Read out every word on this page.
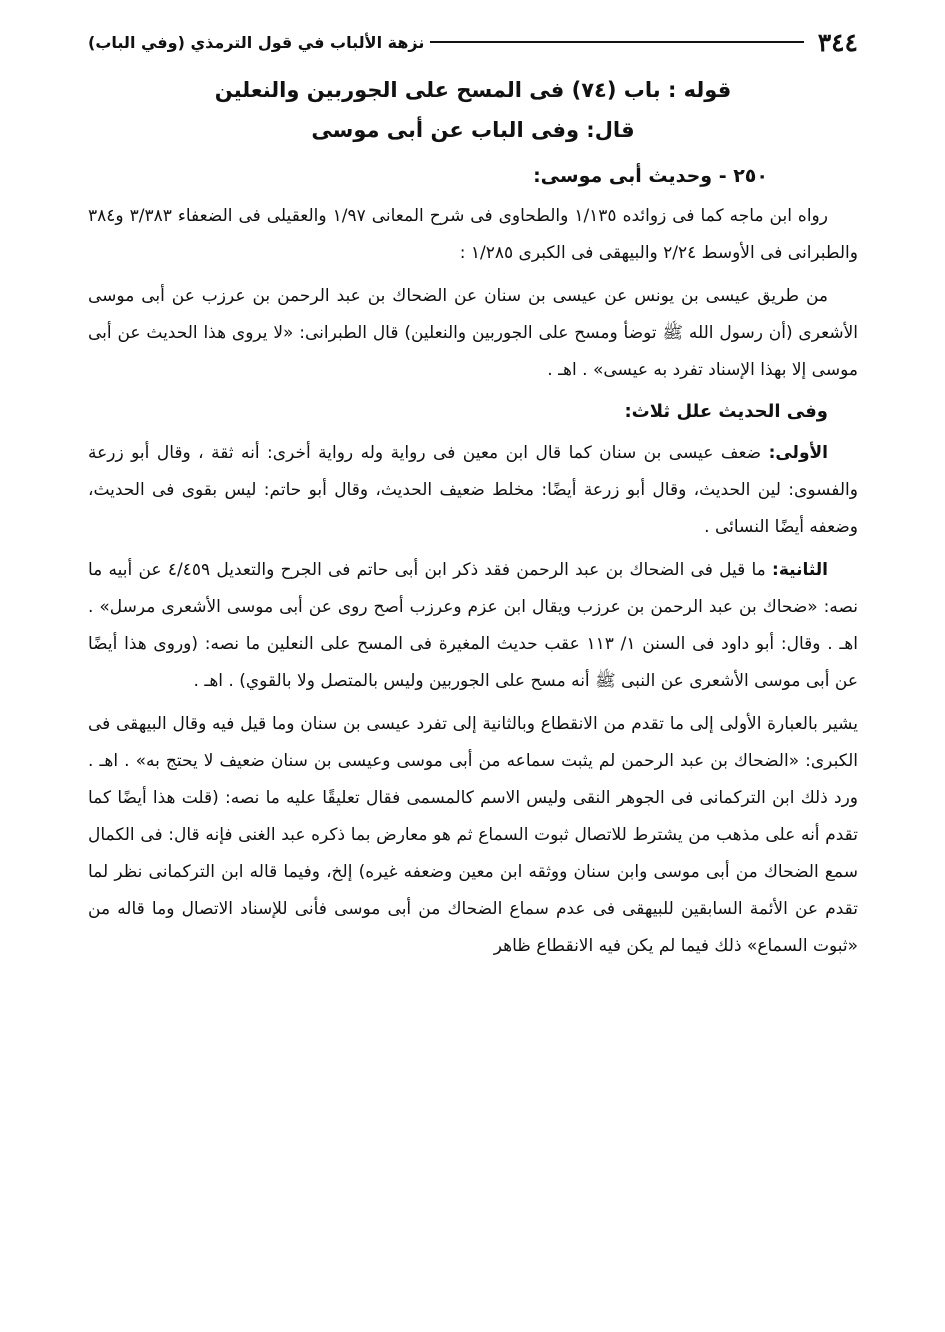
٣٤٤
نزهة الألباب في قول الترمذي (وفي الباب)
قوله : باب (٧٤) فى المسح على الجوربين والنعلين
قال: وفى الباب عن أبى موسى
٢٥٠ - وحديث أبى موسى:

رواه ابن ماجه كما فى زوائده ١/١٣٥ والطحاوى فى شرح المعانى ١/٩٧ والعقيلى فى الضعفاء ٣/٣٨٣ و٣٨٤ والطبرانى فى الأوسط ٢/٢٤ والبيهقى فى الكبرى ١/٢٨٥ :

من طريق عيسى بن يونس عن عيسى بن سنان عن الضحاك بن عبد الرحمن بن عرزب عن أبى موسى الأشعرى (أن رسول الله ﷺ توضأ ومسح على الجوربين والنعلين) قال الطبرانى: «لا يروى هذا الحديث عن أبى موسى إلا بهذا الإسناد تفرد به عيسى» . اهـ .

وفى الحديث علل ثلاث:

الأولى: ضعف عيسى بن سنان كما قال ابن معين فى رواية وله رواية أخرى: أنه ثقة ، وقال أبو زرعة والفسوى: لين الحديث، وقال أبو زرعة أيضًا: مخلط ضعيف الحديث، وقال أبو حاتم: ليس بقوى فى الحديث، وضعفه أيضًا النسائى .

الثانية: ما قيل فى الضحاك بن عبد الرحمن فقد ذكر ابن أبى حاتم فى الجرح والتعديل ٤/٤٥٩ عن أبيه ما نصه: «ضحاك بن عبد الرحمن بن عرزب ويقال ابن عزم وعرزب أصح روى عن أبى موسى الأشعرى مرسل» . اهـ . وقال: أبو داود فى السنن ١/ ١١٣ عقب حديث المغيرة فى المسح على النعلين ما نصه: (وروى هذا أيضًا عن أبى موسى الأشعرى عن النبى ﷺ أنه مسح على الجوربين وليس بالمتصل ولا بالقوي) . اهـ .

يشير بالعبارة الأولى إلى ما تقدم من الانقطاع وبالثانية إلى تفرد عيسى بن سنان وما قيل فيه وقال البيهقى فى الكبرى: «الضحاك بن عبد الرحمن لم يثبت سماعه من أبى موسى وعيسى بن سنان ضعيف لا يحتج به» . اهـ . ورد ذلك ابن التركمانى فى الجوهر النقى وليس الاسم كالمسمى فقال تعليقًا عليه ما نصه: (قلت هذا أيضًا كما تقدم أنه على مذهب من يشترط للاتصال ثبوت السماع ثم هو معارض بما ذكره عبد الغنى فإنه قال: فى الكمال سمع الضحاك من أبى موسى وابن سنان ووثقه ابن معين وضعفه غيره) إلخ، وفيما قاله ابن التركمانى نظر لما تقدم عن الأئمة السابقين للبيهقى فى عدم سماع الضحاك من أبى موسى فأنى للإسناد الاتصال وما قاله من «ثبوت السماع» ذلك فيما لم يكن فيه الانقطاع ظاهر
